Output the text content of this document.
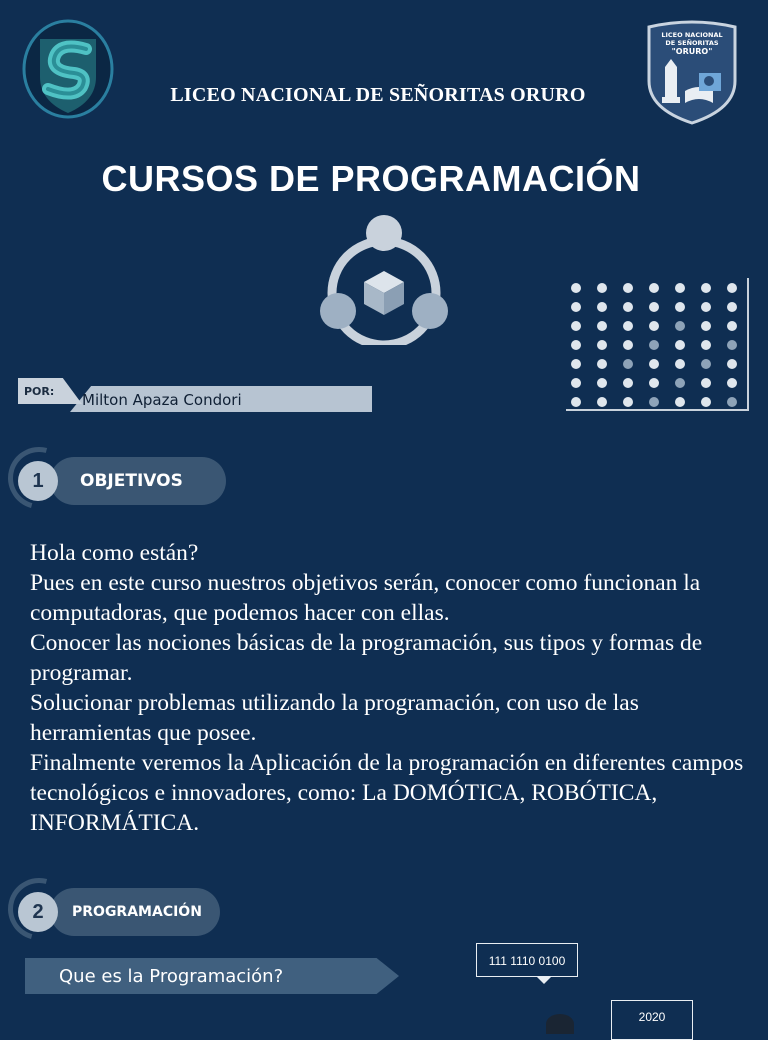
LICEO NACIONAL
DE SEÑORITAS
"ORURO"
LICEO NACIONAL DE SEÑORITAS ORURO
CURSOS DE PROGRAMACIÓN
POR: Milton Apaza Condori
1	OBJETIVOS

Hola como están?

Pues en este curso nuestros objetivos serán, conocer como funcionan la computadoras, que podemos hacer con ellas.

Conocer las nociones básicas de la programación, sus tipos y formas de programar.

Solucionar problemas utilizando la programación, con uso de las herramientas que posee.

Finalmente veremos la Aplicación de la programación en diferentes campos tecnológicos e innovadores, como: La DOMÓTICA, ROBÓTICA, INFORMÁTICA.

2	PROGRAMACIÓN
Que es la Programación?
111 1110 0100
2020
